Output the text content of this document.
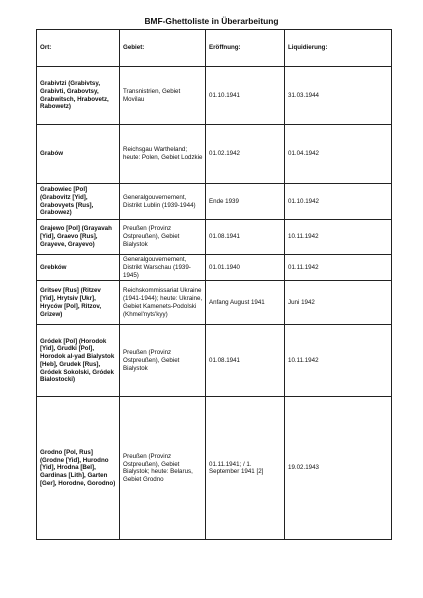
BMF-Ghettoliste in Überarbeitung
Ort:	Gebiet:	Eröffnung:	Liquidierung:
Grabivtzi (Grabivtsy, Grabivti, Grabovtsy, Grabwitsch, Hrabovetz, Rabowetz)	Transnistrien, Gebiet Movilau	01.10.1941	31.03.1944
Grabów	Reichsgau Wartheland; heute: Polen, Gebiet Lodzkie	01.02.1942	01.04.1942
Grabowiec [Pol] (Grabovitz [Yid], Grabovyets [Rus], Grabowez)	Generalgouvernement, Distrikt Lublin (1939-1944)	Ende 1939	01.10.1942
Grajewo [Pol] (Grayavah [Yid], Graevo [Rus], Grayeve, Grayevo)	Preußen (Provinz Ostpreußen), Gebiet Bialystok	01.08.1941	10.11.1942
Grebków	Generalgouvernement, Distrikt Warschau (1939-1945)	01.01.1940	01.11.1942
Gritsev [Rus] (Ritzev [Yid], Hrytsiv [Ukr], Hryców [Pol], Ritzov, Grizew)	Reichskommissariat Ukraine (1941-1944); heute: Ukraine, Gebiet Kamenets-Podolski (Khmel'nyts'kyy)	Anfang August 1941	Juni 1942
Gródek [Pol] (Horodok [Yid], Grudki [Pol], Horodok al-yad Bialystok [Heb], Grudek [Rus], Gródek Sokolski, Gródek Bialostocki)	Preußen (Provinz Ostpreußen), Gebiet Bialystok	01.08.1941	10.11.1942
Grodno [Pol, Rus] (Grodne [Yid], Hurodno [Yid], Hrodna [Bel], Gardinas [Lith], Garten [Ger], Horodne, Gorodno)	Preußen (Provinz Ostpreußen), Gebiet Bialystok; heute: Belarus, Gebiet Grodno	01.11.1941; / 1. September 1941 [2]	19.02.1943
